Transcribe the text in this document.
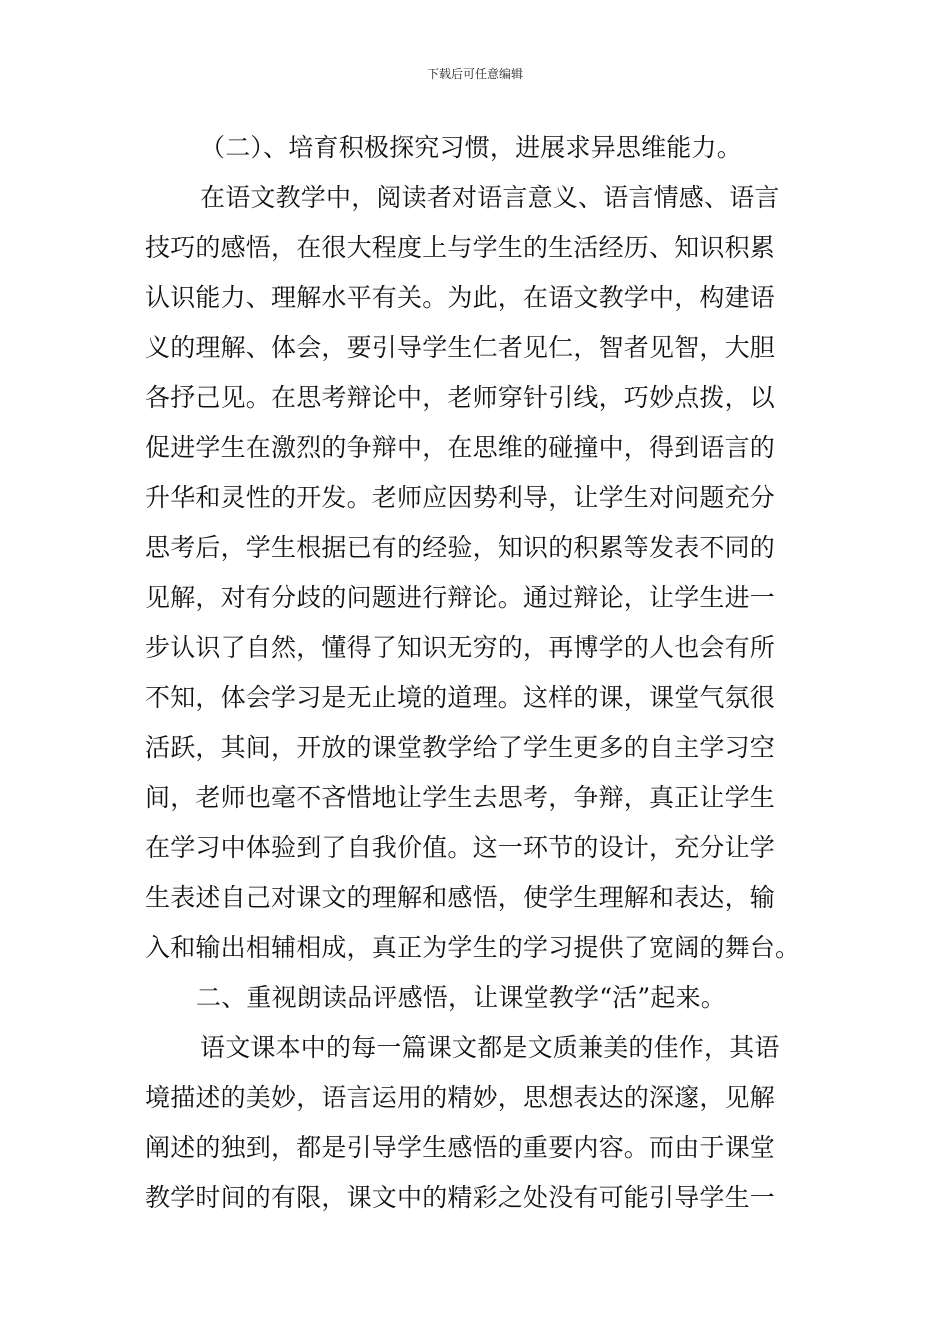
下载后可任意编辑
（二）、培育积极探究习惯，进展求异思维能力。
在语文教学中，阅读者对语言意义、语言情感、语言
技巧的感悟，在很大程度上与学生的生活经历、知识积累
认识能力、理解水平有关。为此，在语文教学中，构建语
义的理解、体会，要引导学生仁者见仁，智者见智，大胆
各抒己见。在思考辩论中，老师穿针引线，巧妙点拨，以
促进学生在激烈的争辩中，在思维的碰撞中，得到语言的
升华和灵性的开发。老师应因势利导，让学生对问题充分
思考后，学生根据已有的经验，知识的积累等发表不同的
见解，对有分歧的问题进行辩论。通过辩论，让学生进一
步认识了自然，懂得了知识无穷的，再博学的人也会有所
不知，体会学习是无止境的道理。这样的课，课堂气氛很
活跃，其间，开放的课堂教学给了学生更多的自主学习空
间，老师也毫不吝惜地让学生去思考，争辩，真正让学生
在学习中体验到了自我价值。这一环节的设计，充分让学
生表述自己对课文的理解和感悟，使学生理解和表达，输
入和输出相辅相成，真正为学生的学习提供了宽阔的舞台。
二、重视朗读品评感悟，让课堂教学“活”起来。
语文课本中的每一篇课文都是文质兼美的佳作，其语
境描述的美妙，语言运用的精妙，思想表达的深邃，见解
阐述的独到，都是引导学生感悟的重要内容。而由于课堂
教学时间的有限，课文中的精彩之处没有可能引导学生一
